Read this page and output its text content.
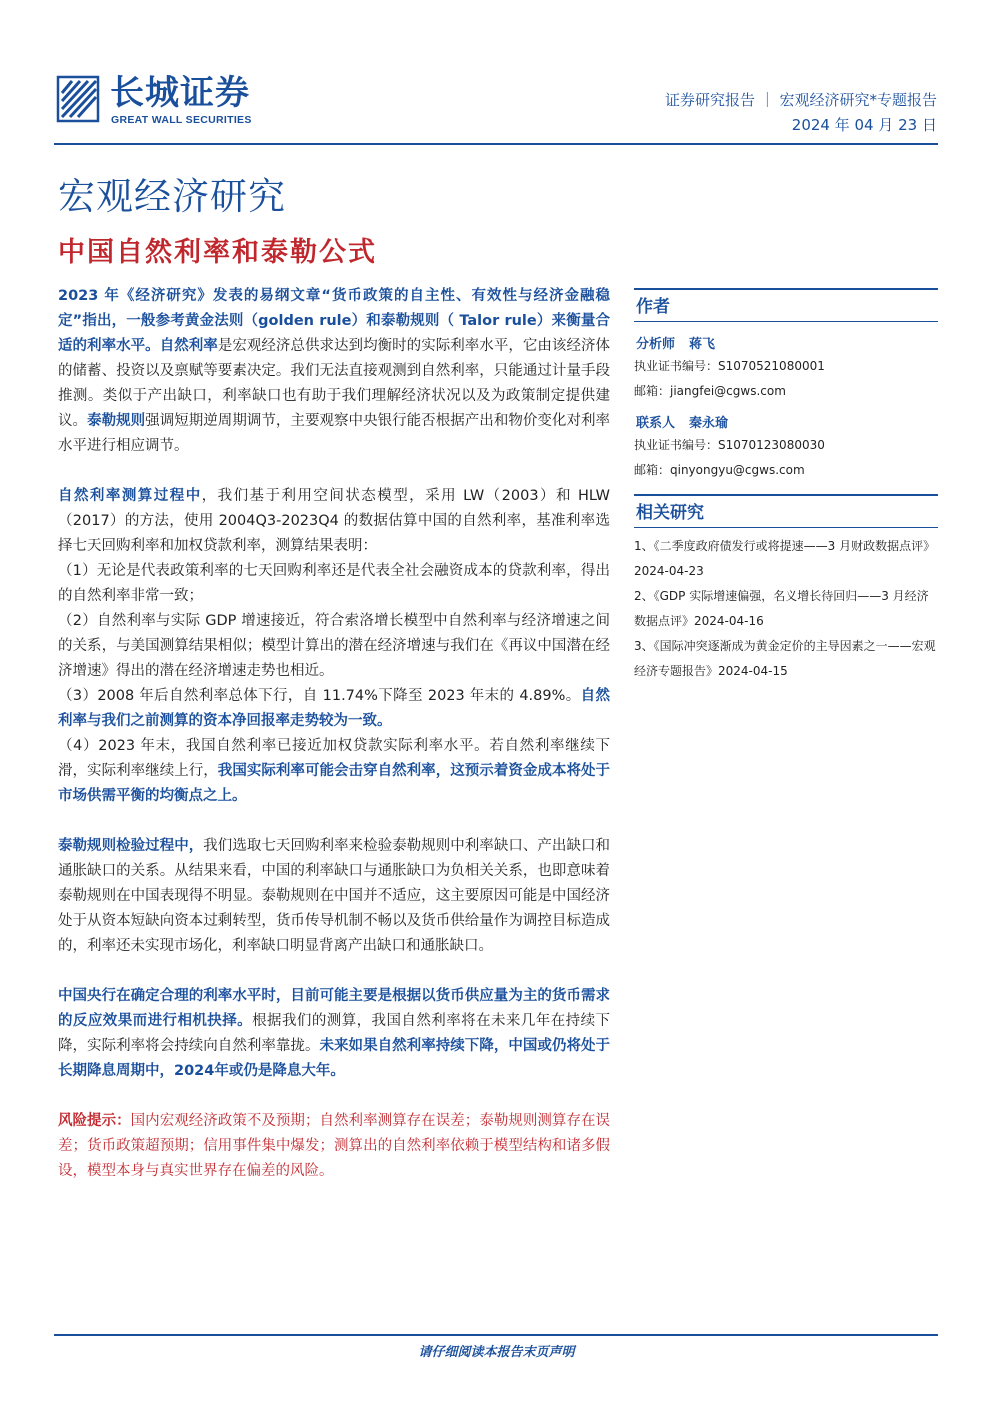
长城证券
GREAT WALL SECURITIES
证券研究报告 ｜ 宏观经济研究*专题报告
2024 年 04 月 23 日
宏观经济研究
中国自然利率和泰勒公式

2023 年《经济研究》发表的易纲文章“货币政策的自主性、有效性与经济金融稳定”指出，一般参考黄金法则（golden rule）和泰勒规则（ Talor rule）来衡量合适的利率水平。自然利率是宏观经济总供求达到均衡时的实际利率水平，它由该经济体的储蓄、投资以及禀赋等要素决定。我们无法直接观测到自然利率，只能通过计量手段推测。类似于产出缺口，利率缺口也有助于我们理解经济状况以及为政策制定提供建议。泰勒规则强调短期逆周期调节，主要观察中央银行能否根据产出和物价变化对利率水平进行相应调节。

自然利率测算过程中，我们基于利用空间状态模型，采用 LW（2003）和 HLW（2017）的方法，使用 2004Q3-2023Q4 的数据估算中国的自然利率，基准利率选择七天回购利率和加权贷款利率，测算结果表明：

（1）无论是代表政策利率的七天回购利率还是代表全社会融资成本的贷款利率，得出的自然利率非常一致；

（2）自然利率与实际 GDP 增速接近，符合索洛增长模型中自然利率与经济增速之间的关系，与美国测算结果相似；模型计算出的潜在经济增速与我们在《再议中国潜在经济增速》得出的潜在经济增速走势也相近。

（3）2008 年后自然利率总体下行，自 11.74%下降至 2023 年末的 4.89%。自然利率与我们之前测算的资本净回报率走势较为一致。

（4）2023 年末，我国自然利率已接近加权贷款实际利率水平。若自然利率继续下滑，实际利率继续上行，我国实际利率可能会击穿自然利率，这预示着资金成本将处于市场供需平衡的均衡点之上。

泰勒规则检验过程中，我们选取七天回购利率来检验泰勒规则中利率缺口、产出缺口和通胀缺口的关系。从结果来看，中国的利率缺口与通胀缺口为负相关关系，也即意味着泰勒规则在中国表现得不明显。泰勒规则在中国并不适应，这主要原因可能是中国经济处于从资本短缺向资本过剩转型，货币传导机制不畅以及货币供给量作为调控目标造成的，利率还未实现市场化，利率缺口明显背离产出缺口和通胀缺口。

中国央行在确定合理的利率水平时，目前可能主要是根据以货币供应量为主的货币需求的反应效果而进行相机抉择。根据我们的测算，我国自然利率将在未来几年在持续下降，实际利率将会持续向自然利率靠拢。未来如果自然利率持续下降，中国或仍将处于长期降息周期中，2024年或仍是降息大年。

风险提示：国内宏观经济政策不及预期；自然利率测算存在误差；泰勒规则测算存在误差；货币政策超预期；信用事件集中爆发；测算出的自然利率依赖于模型结构和诸多假设，模型本身与真实世界存在偏差的风险。

作者
分析师 蒋飞
执业证书编号：S1070521080001
邮箱：jiangfei@cgws.com
联系人 秦永瑜
执业证书编号：S1070123080030
邮箱：qinyongyu@cgws.com
相关研究
1、《二季度政府债发行或将提速——3 月财政数据点评》2024-04-23
2、《GDP 实际增速偏强，名义增长待回归——3 月经济数据点评》2024-04-16
3、《国际冲突逐渐成为黄金定价的主导因素之一——宏观经济专题报告》2024-04-15
请仔细阅读本报告末页声明
